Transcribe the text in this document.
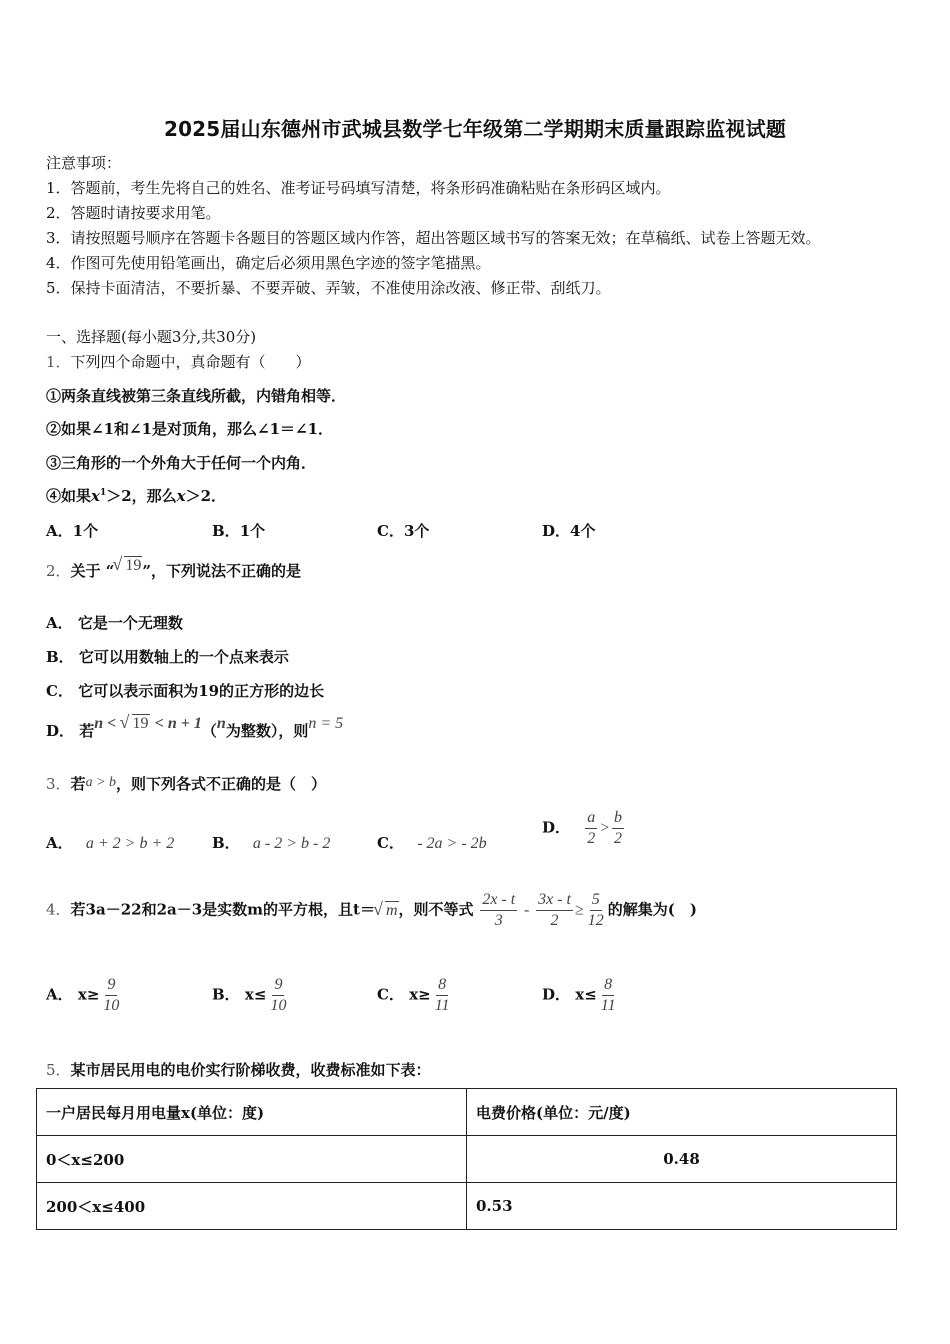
2025届山东德州市武城县数学七年级第二学期期末质量跟踪监视试题
注意事项：
1．答题前，考生先将自己的姓名、准考证号码填写清楚，将条形码准确粘贴在条形码区域内。
2．答题时请按要求用笔。
3．请按照题号顺序在答题卡各题目的答题区域内作答，超出答题区域书写的答案无效；在草稿纸、试卷上答题无效。
4．作图可先使用铅笔画出，确定后必须用黑色字迹的签字笔描黑。
5．保持卡面清洁，不要折暴、不要弄破、弄皱，不准使用涂改液、修正带、刮纸刀。
一、选择题(每小题3分,共30分)
1．下列四个命题中，真命题有（　　）
①两条直线被第三条直线所截，内错角相等．
②如果∠1和∠1是对顶角，那么∠1＝∠1．
③三角形的一个外角大于任何一个内角．
④如果$x^1>2$，那么x＞2．
A．1个	B．1个	C．3个	D．4个
2．关于 “ √ 19”，下列说法不正确的是
A． 它是一个无理数
B． 它可以用数轴上的一个点来表示
C． 它可以表示面积为19的正方形的边长
D． 若n < √ 19 < n + 1（n为整数），则n = 5
3．若a > b，则下列各式不正确的是（　）
A． a + 2 > b + 2	B． a - 2 > b - 2	C． - 2a > - 2b
D． $\frac{a}{2} > \frac{b}{2}$
4．若3a－22和2a－3是实数m的平方根，且t＝ √ m，则不等式 $\frac{2x - t}{3} - \frac{3x - t}{2} \ge \frac{5}{12}$ 的解集为(　)
A． $x\ge \frac{9}{10}$	B． $x\le \frac{9}{10}$	C． $x\ge \frac{8}{11}$	D． $x\le \frac{8}{11}$
5．某市居民用电的电价实行阶梯收费，收费标准如下表：
一户居民每月用电量x(单位：度)	电费价格(单位：元/度)
0＜x≤200	0.48
200＜x≤400	0.53
